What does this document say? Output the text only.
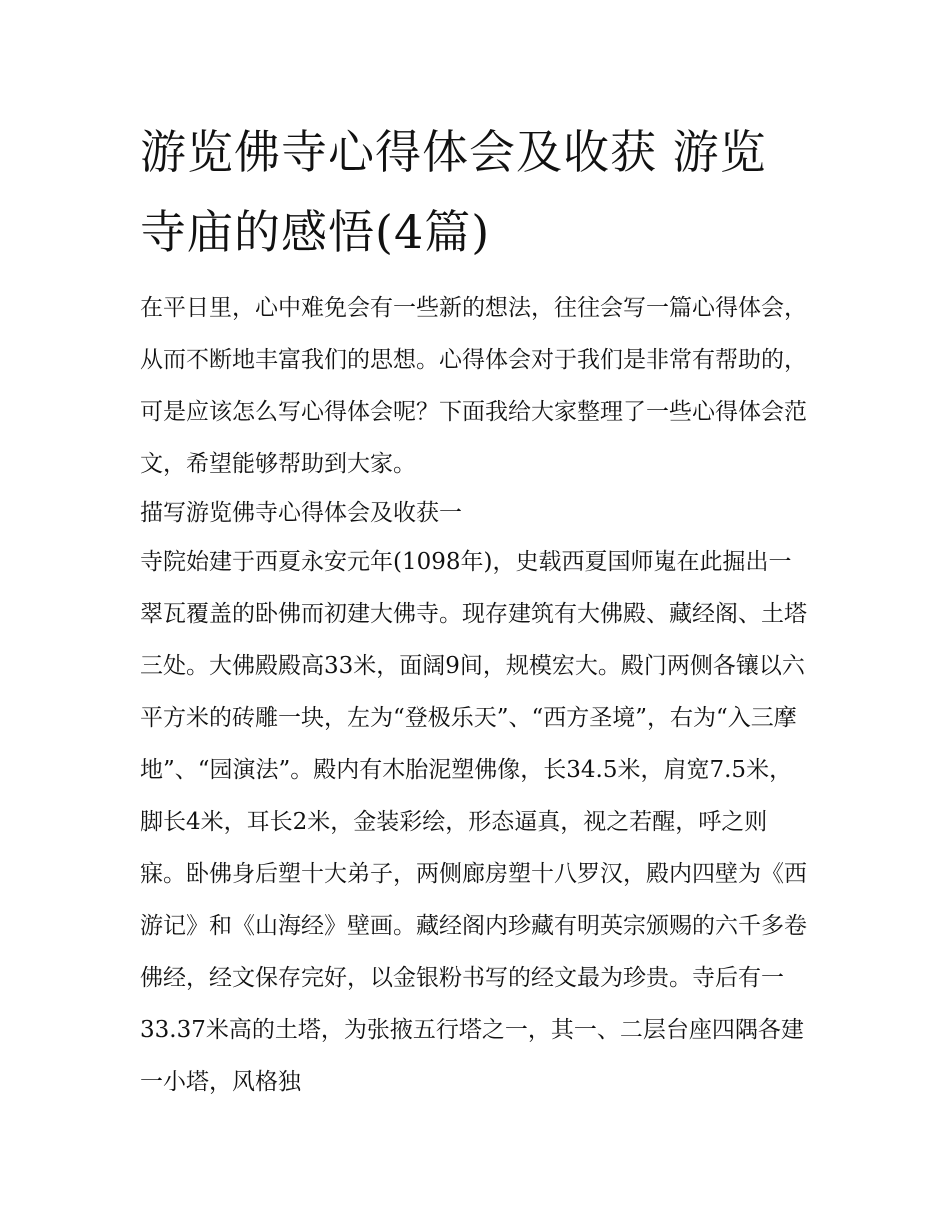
游览佛寺心得体会及收获 游览寺庙的感悟(4篇)

在平日里，心中难免会有一些新的想法，往往会写一篇心得体会，从而不断地丰富我们的思想。心得体会对于我们是非常有帮助的，可是应该怎么写心得体会呢？下面我给大家整理了一些心得体会范文，希望能够帮助到大家。

描写游览佛寺心得体会及收获一

寺院始建于西夏永安元年(1098年)，史载西夏国师嵬在此掘出一翠瓦覆盖的卧佛而初建大佛寺。现存建筑有大佛殿、藏经阁、土塔三处。大佛殿殿高33米，面阔9间，规模宏大。殿门两侧各镶以六平方米的砖雕一块，左为“登极乐天”、“西方圣境”，右为“入三摩地”、“园演法”。殿内有木胎泥塑佛像，长34.5米，肩宽7.5米，脚长4米，耳长2米，金装彩绘，形态逼真，视之若醒，呼之则寐。卧佛身后塑十大弟子，两侧廊房塑十八罗汉，殿内四壁为《西游记》和《山海经》壁画。藏经阁内珍藏有明英宗颁赐的六千多卷佛经，经文保存完好，以金银粉书写的经文最为珍贵。寺后有一33.37米高的土塔，为张掖五行塔之一，其一、二层台座四隅各建一小塔，风格独
